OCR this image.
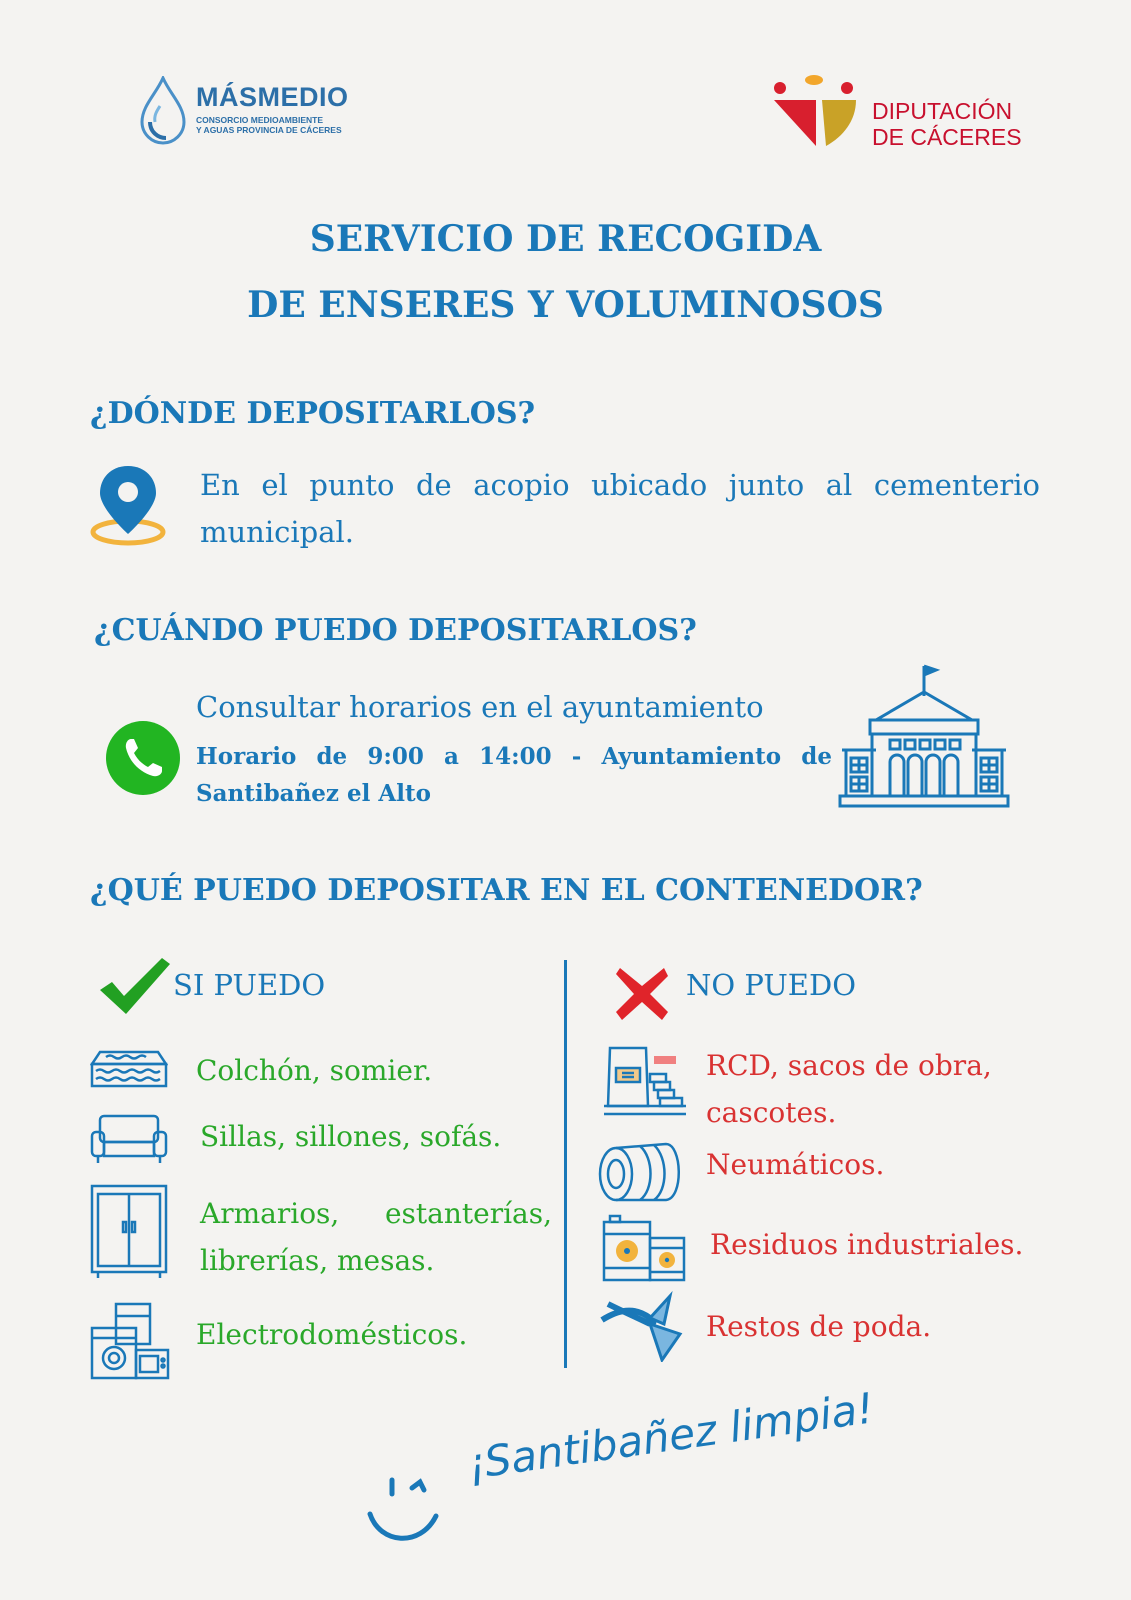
MÁSMEDIO
CONSORCIO MEDIOAMBIENTE
Y AGUAS PROVINCIA DE CÁCERES
DIPUTACIÓN
DE CÁCERES
SERVICIO DE RECOGIDA
DE ENSERES Y VOLUMINOSOS
¿DÓNDE DEPOSITARLOS?
En el punto de acopio ubicado junto al cementerio municipal.
¿CUÁNDO PUEDO DEPOSITARLOS?
Consultar horarios en el ayuntamiento
Horario de 9:00 a 14:00 - Ayuntamiento de Santibañez el Alto
¿QUÉ PUEDO DEPOSITAR EN EL CONTENEDOR?
SI PUEDO	NO PUEDO
Colchón, somier.
Sillas, sillones, sofás.
Armarios, estanterías, librerías, mesas.
Electrodomésticos.
RCD, sacos de obra, cascotes.
Neumáticos.
Residuos industriales.
Restos de poda.
¡Santibañez limpia!
